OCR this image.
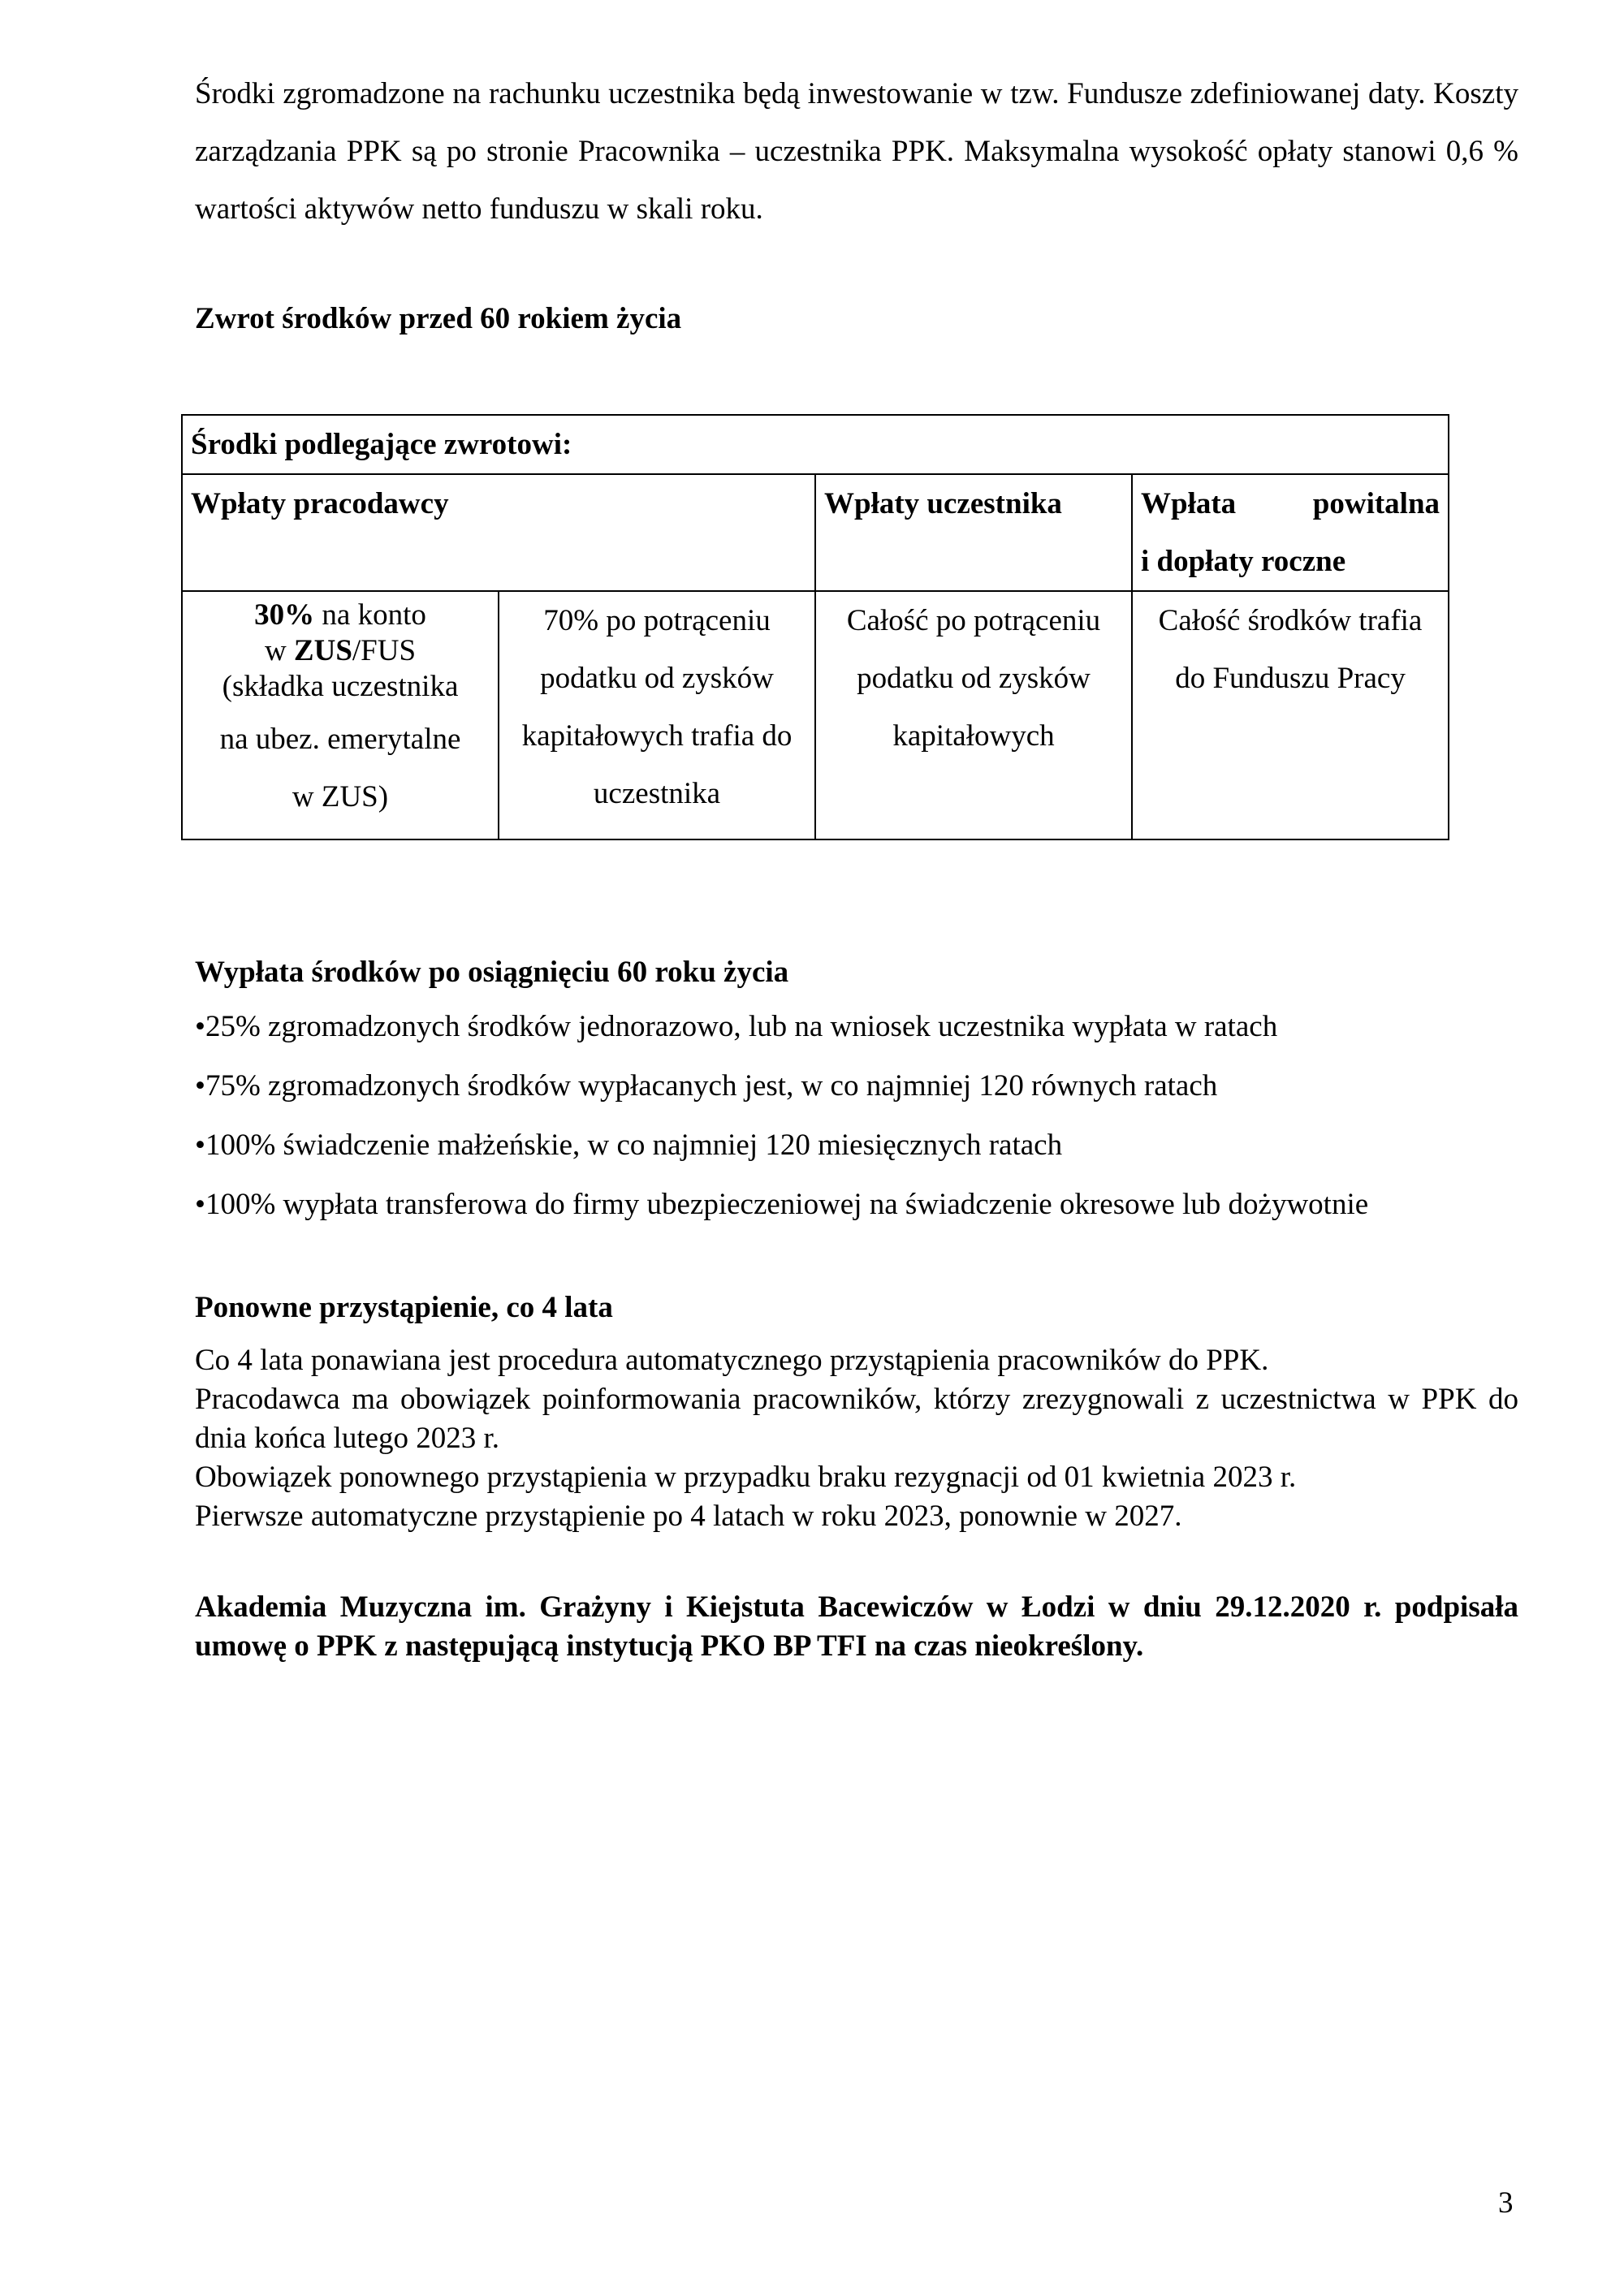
Środki zgromadzone na rachunku uczestnika będą inwestowanie w tzw. Fundusze zdefiniowanej daty. Koszty zarządzania PPK są po stronie Pracownika – uczestnika PPK. Maksymalna wysokość opłaty stanowi 0,6 % wartości aktywów netto funduszu w skali roku.

Zwrot środków przed 60 rokiem życia

Środki podlegające zwrotowi:			
Wpłaty pracodawcy		Wpłaty uczestnika	Wpłata powitalna
i dopłaty roczne

30% na konto
w ZUS/FUS
(składka uczestnika
na ubez. emerytalne
w ZUS)	70% po potrąceniu podatku od zysków kapitałowych trafia do uczestnika	Całość po potrąceniu podatku od zysków kapitałowych	Całość środków trafia do Funduszu Pracy

Wypłata środków po osiągnięciu 60 roku życia

•25% zgromadzonych środków jednorazowo, lub na wniosek uczestnika wypłata w ratach
•75% zgromadzonych środków wypłacanych jest, w co najmniej 120 równych ratach
•100% świadczenie małżeńskie, w co najmniej 120 miesięcznych ratach
•100% wypłata transferowa do firmy ubezpieczeniowej na świadczenie okresowe lub dożywotnie

Ponowne przystąpienie, co 4 lata

Co 4 lata ponawiana jest procedura automatycznego przystąpienia pracowników do PPK.

Pracodawca ma obowiązek poinformowania pracowników, którzy zrezygnowali z uczestnictwa w PPK do dnia końca lutego 2023 r.

Obowiązek ponownego przystąpienia w przypadku braku rezygnacji od 01 kwietnia 2023 r.

Pierwsze automatyczne przystąpienie po 4 latach w roku 2023, ponownie w 2027.

Akademia Muzyczna im. Grażyny i Kiejstuta Bacewiczów w Łodzi w dniu 29.12.2020 r. podpisała umowę o PPK z następującą instytucją PKO BP TFI na czas nieokreślony.

3
